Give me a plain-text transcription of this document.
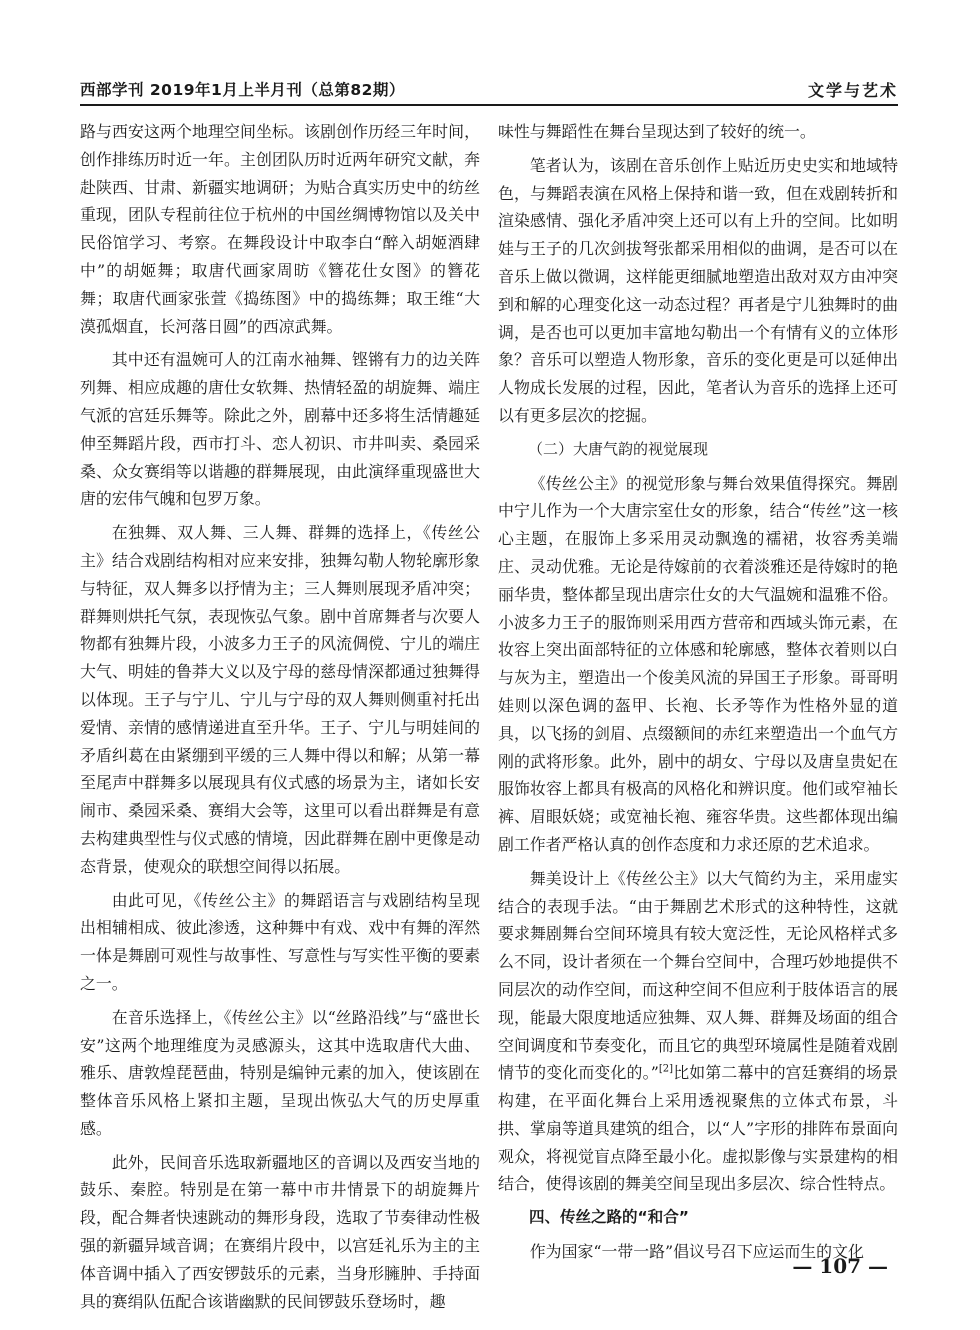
西部学刊 2019年1月上半月刊（总第82期）	文学与艺术

路与西安这两个地理空间坐标。该剧创作历经三年时间，创作排练历时近一年。主创团队历时近两年研究文献，奔赴陕西、甘肃、新疆实地调研；为贴合真实历史中的纺丝重现，团队专程前往位于杭州的中国丝绸博物馆以及关中民俗馆学习、考察。在舞段设计中取李白“醉入胡姬酒肆中”的胡姬舞；取唐代画家周昉《簪花仕女图》的簪花舞；取唐代画家张萱《捣练图》中的捣练舞；取王维“大漠孤烟直，长河落日圆”的西凉武舞。

其中还有温婉可人的江南水袖舞、铿锵有力的边关阵列舞、相应成趣的唐仕女软舞、热情轻盈的胡旋舞、端庄气派的宫廷乐舞等。除此之外，剧幕中还多将生活情趣延伸至舞蹈片段，西市打斗、恋人初识、市井叫卖、桑园采桑、众女赛绢等以谐趣的群舞展现，由此演绎重现盛世大唐的宏伟气魄和包罗万象。

在独舞、双人舞、三人舞、群舞的选择上，《传丝公主》结合戏剧结构相对应来安排，独舞勾勒人物轮廓形象与特征，双人舞多以抒情为主；三人舞则展现矛盾冲突；群舞则烘托气氛，表现恢弘气象。剧中首席舞者与次要人物都有独舞片段，小波多力王子的风流倜傥、宁儿的端庄大气、明娃的鲁莽大义以及宁母的慈母情深都通过独舞得以体现。王子与宁儿、宁儿与宁母的双人舞则侧重衬托出爱情、亲情的感情递进直至升华。王子、宁儿与明娃间的矛盾纠葛在由紧绷到平缓的三人舞中得以和解；从第一幕至尾声中群舞多以展现具有仪式感的场景为主，诸如长安闹市、桑园采桑、赛绢大会等，这里可以看出群舞是有意去构建典型性与仪式感的情境，因此群舞在剧中更像是动态背景，使观众的联想空间得以拓展。

由此可见，《传丝公主》的舞蹈语言与戏剧结构呈现出相辅相成、彼此渗透，这种舞中有戏、戏中有舞的浑然一体是舞剧可观性与故事性、写意性与写实性平衡的要素之一。

在音乐选择上，《传丝公主》以“丝路沿线”与“盛世长安”这两个地理维度为灵感源头，这其中选取唐代大曲、雅乐、唐敦煌琵琶曲，特别是编钟元素的加入，使该剧在整体音乐风格上紧扣主题，呈现出恢弘大气的历史厚重感。

此外，民间音乐选取新疆地区的音调以及西安当地的鼓乐、秦腔。特别是在第一幕中市井情景下的胡旋舞片段，配合舞者快速跳动的舞形身段，选取了节奏律动性极强的新疆异域音调；在赛绢片段中，以宫廷礼乐为主的主体音调中插入了西安锣鼓乐的元素，当身形臃肿、手持面具的赛绢队伍配合该谐幽默的民间锣鼓乐登场时，趣

味性与舞蹈性在舞台呈现达到了较好的统一。

笔者认为，该剧在音乐创作上贴近历史史实和地域特色，与舞蹈表演在风格上保持和谐一致，但在戏剧转折和渲染感情、强化矛盾冲突上还可以有上升的空间。比如明娃与王子的几次剑拔弩张都采用相似的曲调，是否可以在音乐上做以微调，这样能更细腻地塑造出敌对双方由冲突到和解的心理变化这一动态过程？再者是宁儿独舞时的曲调，是否也可以更加丰富地勾勒出一个有情有义的立体形象？音乐可以塑造人物形象，音乐的变化更是可以延伸出人物成长发展的过程，因此，笔者认为音乐的选择上还可以有更多层次的挖掘。

（二）大唐气韵的视觉展现

《传丝公主》的视觉形象与舞台效果值得探究。舞剧中宁儿作为一个大唐宗室仕女的形象，结合“传丝”这一核心主题，在服饰上多采用灵动飘逸的襦裙，妆容秀美端庄、灵动优雅。无论是待嫁前的衣着淡雅还是待嫁时的艳丽华贵，整体都呈现出唐宗仕女的大气温婉和温雅不俗。小波多力王子的服饰则采用西方营帝和西域头饰元素，在妆容上突出面部特征的立体感和轮廓感，整体衣着则以白与灰为主，塑造出一个俊美风流的异国王子形象。哥哥明娃则以深色调的盔甲、长袍、长矛等作为性格外显的道具，以飞扬的剑眉、点缀额间的赤红来塑造出一个血气方刚的武将形象。此外，剧中的胡女、宁母以及唐皇贵妃在服饰妆容上都具有极高的风格化和辨识度。他们或窄袖长裤、眉眼妖娆；或宽袖长袍、雍容华贵。这些都体现出编剧工作者严格认真的创作态度和力求还原的艺术追求。

舞美设计上《传丝公主》以大气简约为主，采用虚实结合的表现手法。“由于舞剧艺术形式的这种特性，这就要求舞剧舞台空间环境具有较大宽泛性，无论风格样式多么不同，设计者须在一个舞台空间中，合理巧妙地提供不同层次的动作空间，而这种空间不但应利于肢体语言的展现，能最大限度地适应独舞、双人舞、群舞及场面的组合空间调度和节奏变化，而且它的典型环境属性是随着戏剧情节的变化而变化的。”[2]比如第二幕中的宫廷赛绢的场景构建，在平面化舞台上采用透视聚焦的立体式布景，斗拱、掌扇等道具建筑的组合，以“人”字形的排阵布景面向观众，将视觉盲点降至最小化。虚拟影像与实景建构的相结合，使得该剧的舞美空间呈现出多层次、综合性特点。

四、传丝之路的“和合”

作为国家“一带一路”倡议号召下应运而生的文化

— 107 —
